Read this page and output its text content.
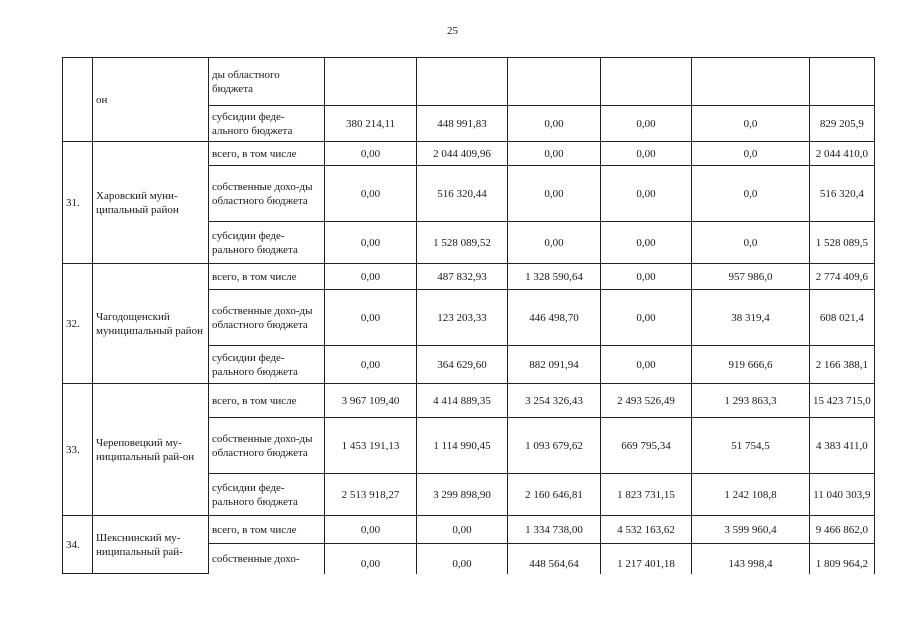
25
	он	ды областного бюджета						
		субсидии феде-ального бюджета	380 214,11	448 991,83	0,00	0,00	0,0	829 205,9
31.	Харовский муни-ципальный район	всего, в том числе	0,00	2 044 409,96	0,00	0,00	0,0	2 044 410,0
		собственные дохо-ды областного бюджета	0,00	516 320,44	0,00	0,00	0,0	516 320,4
		субсидии феде-рального бюджета	0,00	1 528 089,52	0,00	0,00	0,0	1 528 089,5
32.	Чагодощенский муниципальный район	всего, в том числе	0,00	487 832,93	1 328 590,64	0,00	957 986,0	2 774 409,6
		собственные дохо-ды областного бюджета	0,00	123 203,33	446 498,70	0,00	38 319,4	608 021,4
		субсидии феде-рального бюджета	0,00	364 629,60	882 091,94	0,00	919 666,6	2 166 388,1
33.	Череповецкий му-ниципальный рай-он	всего, в том числе	3 967 109,40	4 414 889,35	3 254 326,43	2 493 526,49	1 293 863,3	15 423 715,0
		собственные дохо-ды областного бюджета	1 453 191,13	1 114 990,45	1 093 679,62	669 795,34	51 754,5	4 383 411,0
		субсидии феде-рального бюджета	2 513 918,27	3 299 898,90	2 160 646,81	1 823 731,15	1 242 108,8	11 040 303,9
34.	Шекснинский му-ниципальный рай-	всего, в том числе	0,00	0,00	1 334 738,00	4 532 163,62	3 599 960,4	9 466 862,0
		собственные дохо-	0,00	0,00	448 564,64	1 217 401,18	143 998,4	1 809 964,2
